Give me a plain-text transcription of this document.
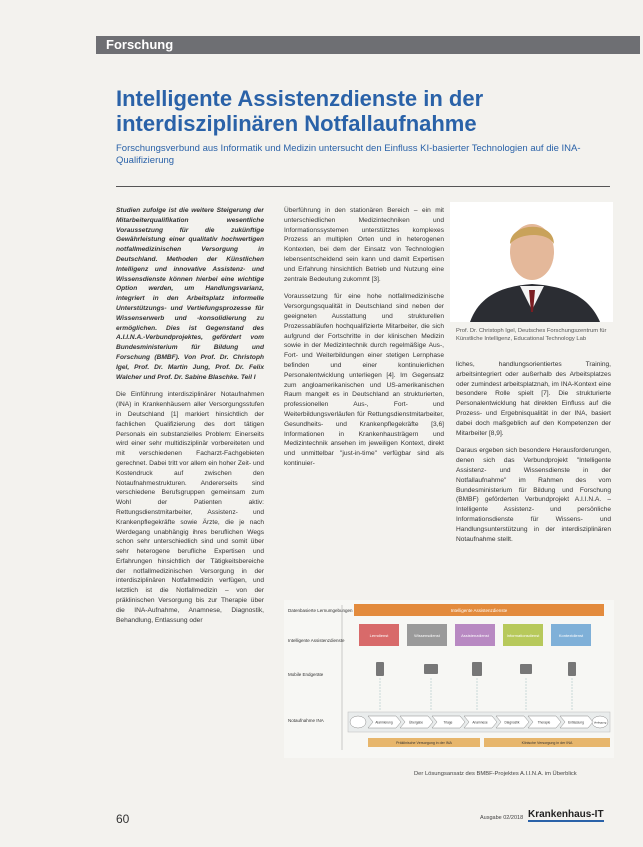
Forschung
Intelligente Assistenzdienste in der interdisziplinären Notfallaufnahme
Forschungsverbund aus Informatik und Medizin untersucht den Einfluss KI-basierter Technologien auf die INA-Qualifizierung

Studien zufolge ist die weitere Steigerung der Mitarbeiterqualifikation wesentliche Voraussetzung für die zukünftige Gewährleistung einer qualitativ hochwertigen notfallmedizinischen Versorgung in Deutschland. Methoden der Künstlichen Intelligenz und innovative Assistenz- und Wissensdienste können hierbei eine wichtige Option werden, um Handlungsvarianz, integriert in den Arbeitsplatz informelle Unterstützungs- und Vertiefungsprozesse für Wissenserwerb und -konsolidierung zu ermöglichen. Dies ist Gegenstand des A.I.I.N.A.-Verbundprojektes, gefördert vom Bundesministerium für Bildung und Forschung (BMBF). Von Prof. Dr. Christoph Igel, Prof. Dr. Martin Jung, Prof. Dr. Felix Walcher und Prof. Dr. Sabine Blaschke. Teil I

Die Einführung interdisziplinärer Notaufnahmen (INA) in Krankenhäusern aller Versorgungsstufen in Deutschland [1] markiert hinsichtlich der fachlichen Qualifizierung des dort tätigen Personals ein substanzielles Problem: Einerseits wird einer sehr multidisziplinär vorbereiteten und mit verschiedenen Facharzt-Fachgebieten gerechnet. Dabei tritt vor allem ein hoher Zeit- und Kostendruck auf zwischen den Notaufnahmestrukturen. Andererseits sind verschiedene Berufsgruppen gemeinsam zum Wohl der Patienten aktiv: Rettungsdienstmitarbeiter, Assistenz- und Krankenpflegekräfte sowie Ärzte, die je nach Werdegang unabhängig ihres beruflichen Wegs schon sehr unterschiedlich sind und somit über sehr heterogene berufliche Expertisen und Erfahrungen hinsichtlich der Tätigkeitsbereiche der notfallmedizinischen Versorgung in der interdisziplinären Notfallmedizin verfügen, und letztlich ist die Notfallmedizin – von der präklinischen Versorgung bis zur Therapie über die INA-Aufnahme, Anamnese, Diagnostik, Behandlung, Entlassung oder

Überführung in den stationären Bereich – ein mit unterschiedlichen Medizintechniken und Informationssystemen unterstütztes komplexes Prozess an multiplen Orten und in heterogenen Kontexten, bei dem der Einsatz von Technologien lebensentscheidend sein kann und damit Expertisen und Erfahrung hinsichtlich Betrieb und Nutzung eine zentrale Bedeutung zukommt [3].

Voraussetzung für eine hohe notfallmedizinische Versorgungsqualität in Deutschland sind neben der geeigneten Ausstattung und strukturellen Prozessabläufen hochqualifizierte Mitarbeiter, die sich aufgrund der Fortschritte in der klinischen Medizin sowie in der Medizintechnik durch regelmäßige Aus-, Fort- und Weiterbildungen einer stetigen Lernphase befinden und einer kontinuierlichen Personalentwicklung unterliegen [4]. Im Gegensatz zum angloamerikanischen und US-amerikanischen Raum mangelt es in Deutschland an strukturierten, professionellen Aus-, Fort- und Weiterbildungsverläufen für Rettungsdienstmitarbeiter, Gesundheits- und Krankenpflegekräfte [3,6] Informationen in Krankenhausträgern und Medizintechnik ansehen im jeweiligen Kontext, direkt und unmittelbar "just-in-time" verfügbar sind als kontinuier-

Prof. Dr. Christoph Igel, Deutsches Forschungszentrum für Künstliche Intelligenz, Educational Technology Lab

liches, handlungsorientiertes Training, arbeitsintegriert oder außerhalb des Arbeitsplatzes oder zumindest arbeitsplatznah, im INA-Kontext eine besondere Rolle spielt [7]. Die strukturierte Personalentwicklung hat direkten Einfluss auf die Prozess- und Ergebnisqualität in der INA, basiert dabei doch maßgeblich auf den Kompetenzen der Mitarbeiter [8,9].

Daraus ergeben sich besondere Herausforderungen, denen sich das Verbundprojekt "Intelligente Assistenz- und Wissensdienste in der Notfallaufnahme" im Rahmen des vom Bundesministerium für Bildung und Forschung (BMBF) geförderten Verbundprojekt A.I.I.N.A. – Intelligente Assistenz- und persönliche Informationsdienste für Wissens- und Handlungsunterstützung in der interdisziplinären Notaufnahme stellt.

Datenbasierte Lernumgebungen
Intelligente Assistenzdienste
Mobile Endgeräte
Notaufnahme INA
Intelligente Assistenzdienste
Lerndienst	Wissensdienst	Assistenzdienst	Informationsdienst	Kontextdienst
Alarmierung	Übergabe	Triage	Anamnese	Diagnostik	Therapie	Entlassung	Verlegung
Präklinische Versorgung in der INA	Klinische Versorgung in der INA
Der Lösungsansatz des BMBF-Projektes A.I.I.N.A. im Überblick
60	Ausgabe 02/2018 Krankenhaus-IT
